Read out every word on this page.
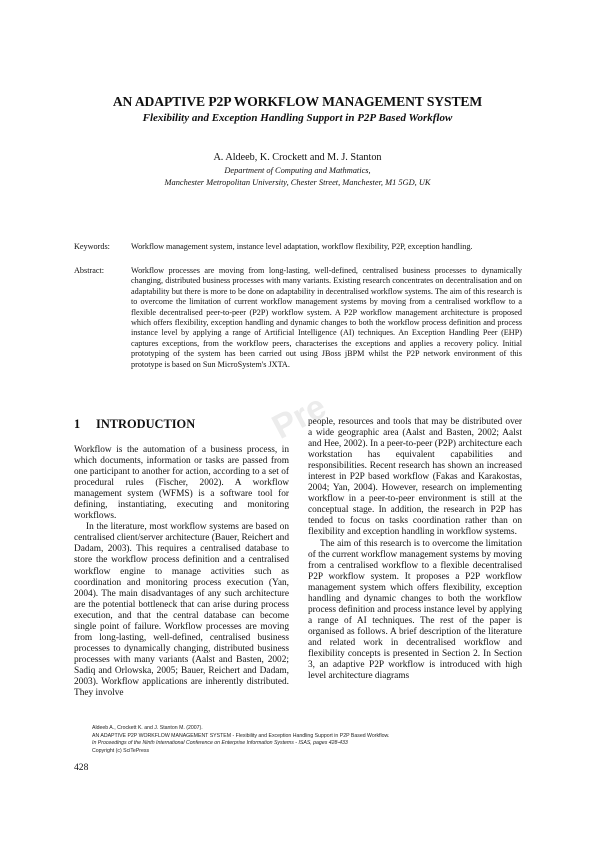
AN ADAPTIVE P2P WORKFLOW MANAGEMENT SYSTEM
Flexibility and Exception Handling Support in P2P Based Workflow
A. Aldeeb, K. Crockett and M. J. Stanton
Department of Computing and Mathmatics,
Manchester Metropolitan University, Chester Street, Manchester, M1 5GD, UK
Keywords:	Workflow management system, instance level adaptation, workflow flexibility, P2P, exception handling.
Abstract:	Workflow processes are moving from long-lasting, well-defined, centralised business processes to dynamically changing, distributed business processes with many variants. Existing research concentrates on decentralisation and on adaptability but there is more to be done on adaptability in decentralised workflow systems. The aim of this research is to overcome the limitation of current workflow management systems by moving from a centralised workflow to a flexible decentralised peer-to-peer (P2P) workflow system. A P2P workflow management architecture is proposed which offers flexibility, exception handling and dynamic changes to both the workflow process definition and process instance level by applying a range of Artificial Intelligence (AI) techniques. An Exception Handling Peer (EHP) captures exceptions, from the workflow peers, characterises the exceptions and applies a recovery policy. Initial prototyping of the system has been carried out using JBoss jBPM whilst the P2P network environment of this prototype is based on Sun MicroSystem's JXTA.
Pre
1 INTRODUCTION

Workflow is the automation of a business process, in which documents, information or tasks are passed from one participant to another for action, according to a set of procedural rules (Fischer, 2002). A workflow management system (WFMS) is a software tool for defining, instantiating, executing and monitoring workflows.

In the literature, most workflow systems are based on centralised client/server architecture (Bauer, Reichert and Dadam, 2003). This requires a centralised database to store the workflow process definition and a centralised workflow engine to manage activities such as coordination and monitoring process execution (Yan, 2004). The main disadvantages of any such architecture are the potential bottleneck that can arise during process execution, and that the central database can become single point of failure. Workflow processes are moving from long-lasting, well-defined, centralised business processes to dynamically changing, distributed business processes with many variants (Aalst and Basten, 2002; Sadiq and Orlowska, 2005; Bauer, Reichert and Dadam, 2003). Workflow applications are inherently distributed. They involve

people, resources and tools that may be distributed over a wide geographic area (Aalst and Basten, 2002; Aalst and Hee, 2002). In a peer-to-peer (P2P) architecture each workstation has equivalent capabilities and responsibilities. Recent research has shown an increased interest in P2P based workflow (Fakas and Karakostas, 2004; Yan, 2004). However, research on implementing workflow in a peer-to-peer environment is still at the conceptual stage. In addition, the research in P2P has tended to focus on tasks coordination rather than on flexibility and exception handling in workflow systems.

The aim of this research is to overcome the limitation of the current workflow management systems by moving from a centralised workflow to a flexible decentralised P2P workflow system. It proposes a P2P workflow management system which offers flexibility, exception handling and dynamic changes to both the workflow process definition and process instance level by applying a range of AI techniques. The rest of the paper is organised as follows. A brief description of the literature and related work in decentralised workflow and flexibility concepts is presented in Section 2. In Section 3, an adaptive P2P workflow is introduced with high level architecture diagrams

Aldeeb A., Crockett K. and J. Stanton M. (2007).
AN ADAPTIVE P2P WORKFLOW MANAGEMENT SYSTEM - Flexibility and Exception Handling Support in P2P Based Workflow.
In Proceedings of the Ninth International Conference on Enterprise Information Systems - ISAS, pages 428-433
Copyright (c) SciTePress
428
